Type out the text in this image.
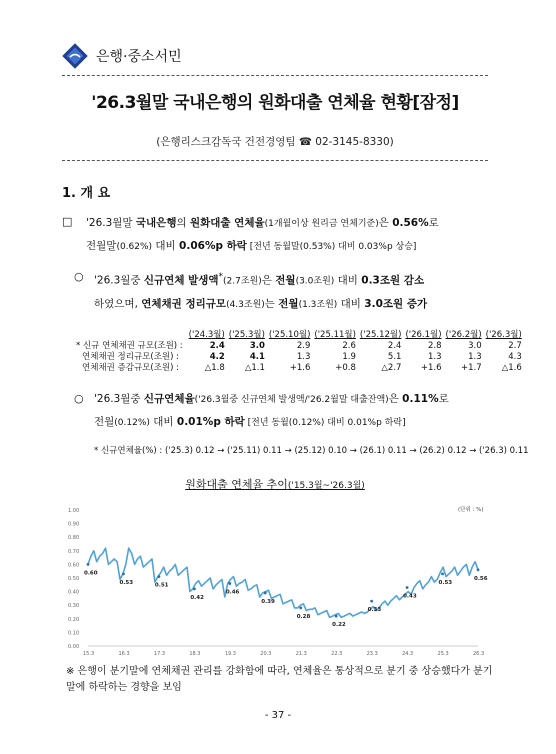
은행·중소서민
'26.3월말 국내은행의 원화대출 연체율 현황[잠정]
(은행리스크감독국 건전경영팀 ☎ 02-3145-8330)
1. 개 요
□ '26.3월말 국내은행의 원화대출 연체율(1개월이상 원리금 연체기준)은 0.56%로
전월말(0.62%) 대비 0.06%p 하락 [전년 동월말(0.53%) 대비 0.03%p 상승]
○ '26.3월중 신규연체 발생액*(2.7조원)은 전월(3.0조원) 대비 0.3조원 감소
하였으며, 연체채권 정리규모(4.3조원)는 전월(1.3조원) 대비 3.0조원 증가
	('24.3월)	('25.3월)	('25.10월)	('25.11월)	('25.12월)	('26.1월)	('26.2월)	('26.3월)
* 신규 연체채권 규모(조원) :	2.4	3.0	2.9	2.6	2.4	2.8	3.0	2.7
연체채권 정리규모(조원) :	4.2	4.1	1.3	1.9	5.1	1.3	1.3	4.3
연체채권 증감규모(조원) :	△1.8	△1.1	+1.6	+0.8	△2.7	+1.6	+1.7	△1.6
○ '26.3월중 신규연체율('26.3월중 신규연체 발생액/'26.2월말 대출잔액)은 0.11%로
전월(0.12%) 대비 0.01%p 하락 [전년 동월(0.12%) 대비 0.01%p 하락]
* 신규연체율(%) : ('25.3) 0.12 → ('25.11) 0.11 → (25.12) 0.10 → (26.1) 0.11 → (26.2) 0.12 → ('26.3) 0.11
원화대출 연체율 추이('15.3월~'26.3월)
1.00
0.90
0.80
0.70
0.60
0.50
0.40
0.30
0.20
0.10
0.00
15.3	16.3	17.3	18.3	19.3	20.3	21.3	22.3	23.3	24.3	25.3	26.3
(단위 : %)
0.60
0.53	0.51
0.42
0.46
0.39
0.28
0.22
0.33
0.43
0.53
0.56
※ 은행이 분기말에 연체채권 관리를 강화함에 따라, 연체율은 통상적으로 분기 중 상승했다가 분기 말에 하락하는 경향을 보임
- 37 -
